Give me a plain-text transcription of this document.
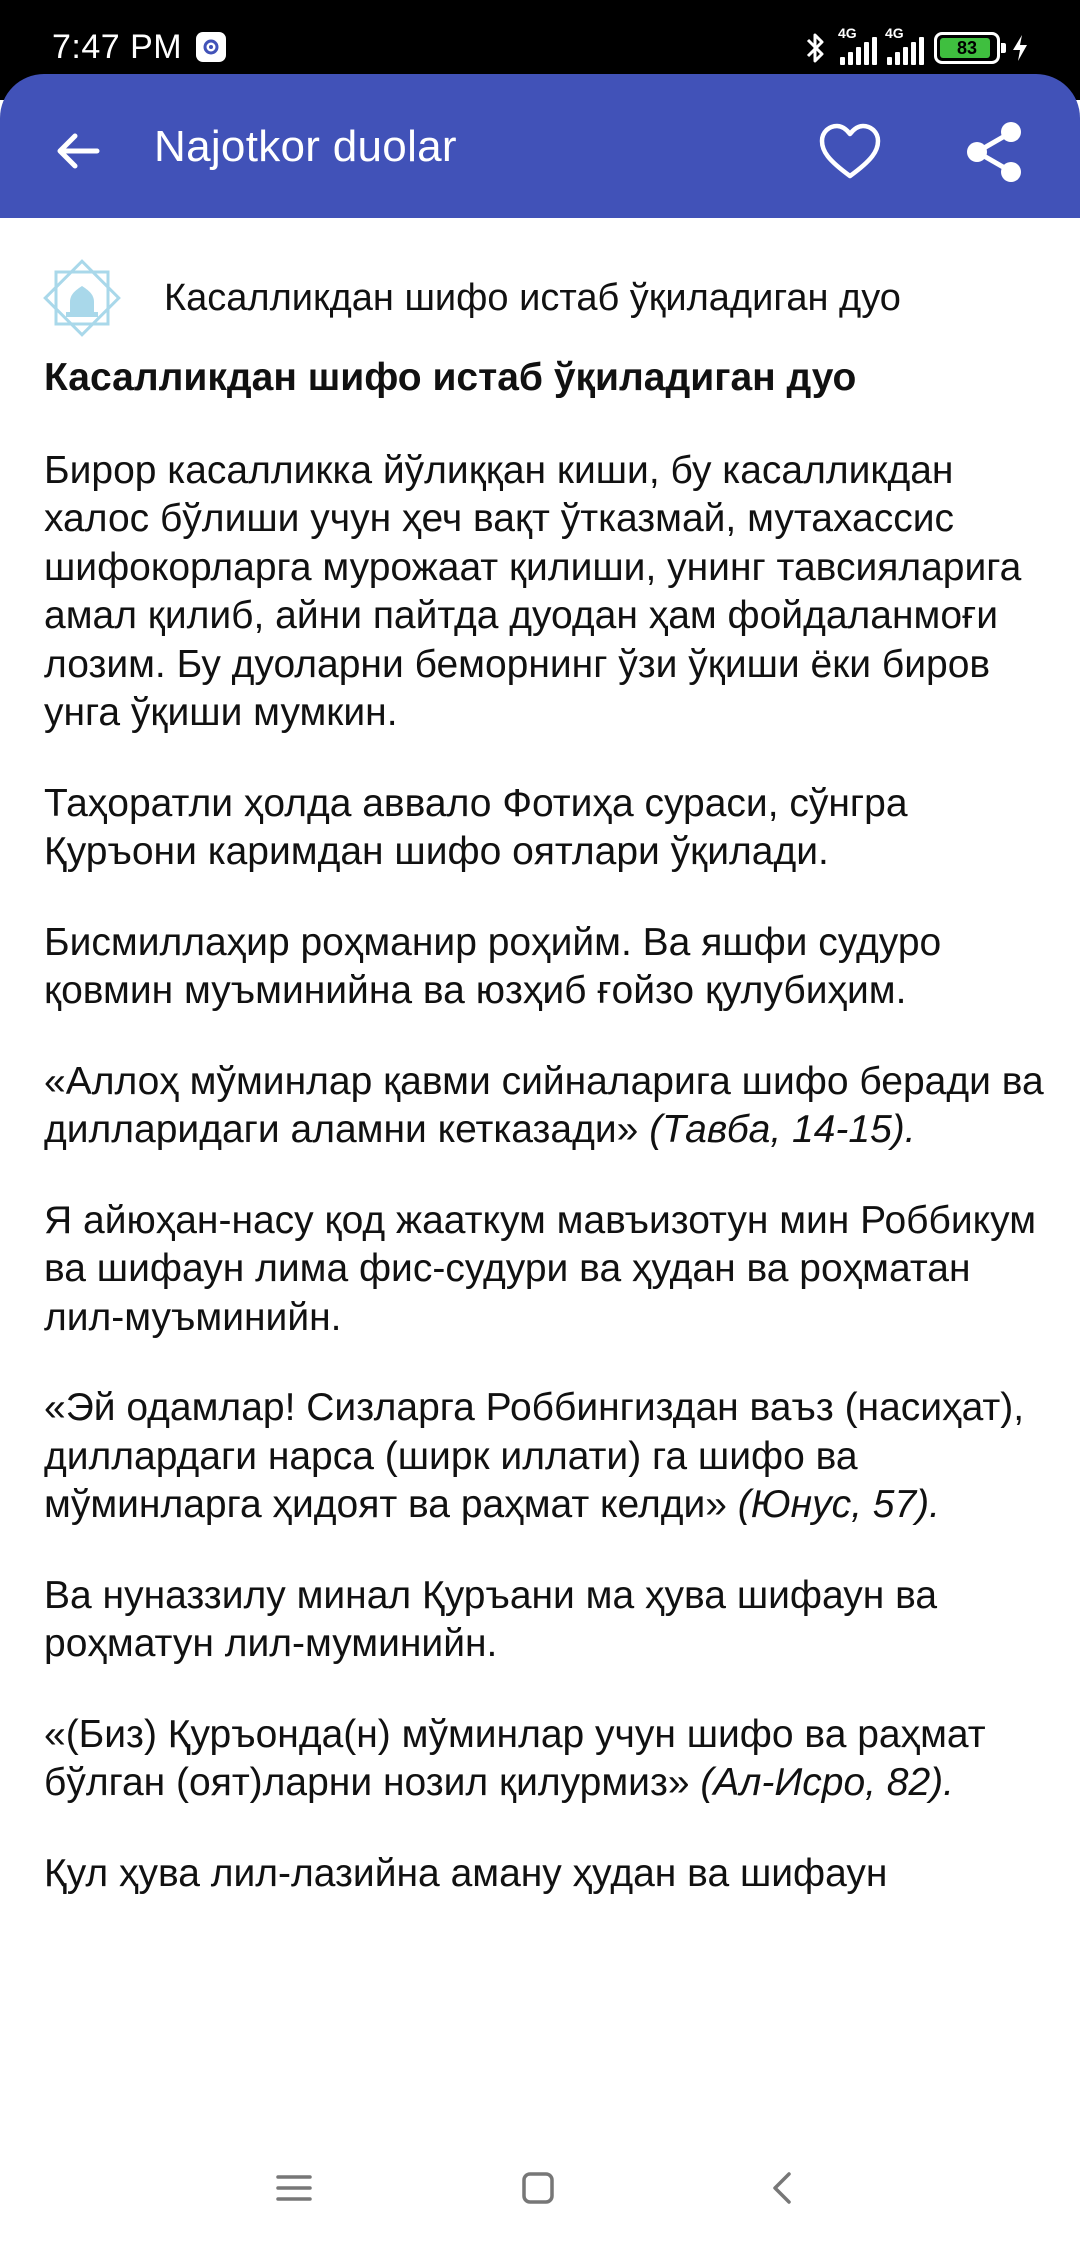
7:47 PM	4G 4G
83
Najotkor duolar
Касалликдан шифо истаб ўқиладиган дуо

Касалликдан шифо истаб ўқиладиган дуо

Бирор касалликка йўлиққан киши, бу касалликдан халос бўлиши учун ҳеч вақт ўтказмай, мутахассис шифокорларга мурожаат қилиши, унинг тавсияларига амал қилиб, айни пайтда дуодан ҳам фойдаланмоғи лозим. Бу дуоларни беморнинг ўзи ўқиши ёки биров унга ўқиши мумкин.

Таҳоратли ҳолда аввало Фотиҳа сураси, сўнгра Қуръони каримдан шифо оятлари ўқилади.

Бисмиллаҳир роҳманир роҳийм. Ва яшфи судуро қовмин муъминийна ва юзҳиб ғойзо қулубиҳим.

«Аллоҳ мўминлар қавми сийналарига шифо беради ва дилларидаги аламни кетказади» (Тавба, 14-15).

Я айюҳан-насу қод жааткум мавъизотун мин Роббикум ва шифаун лима фис-судури ва ҳудан ва роҳматан лил-муъминийн.

«Эй одамлар! Сизларга Роббингиздан ваъз (насиҳат), диллардаги нарса (ширк иллати) га шифо ва мўминларга ҳидоят ва раҳмат келди» (Юнус, 57).

Ва нуназзилу минал Қуръани ма ҳува шифаун ва роҳматун лил-муминийн.

«(Биз) Қуръонда(н) мўминлар учун шифо ва раҳмат бўлган (оят)ларни нозил қилурмиз» (Ал-Исро, 82).

Қул ҳува лил-лазийна аману ҳудан ва шифаун
